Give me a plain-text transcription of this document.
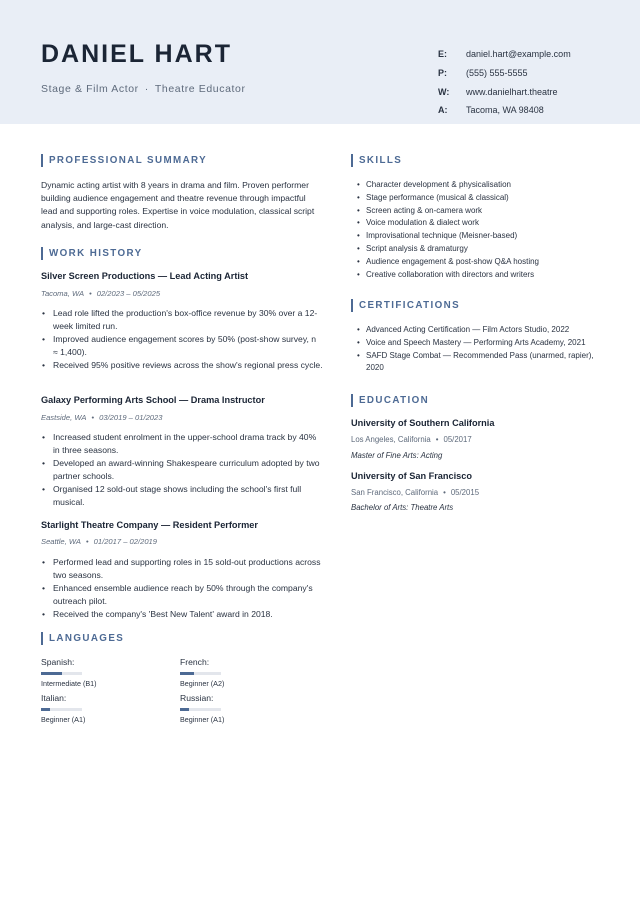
DANIEL HART
Stage & Film Actor · Theatre Educator
E:	daniel.hart@example.com
P:	(555) 555-5555
W:	www.danielhart.theatre
A:	Tacoma, WA 98408
PROFESSIONAL SUMMARY
Dynamic acting artist with 8 years in drama and film. Proven performer building audience engagement and theatre revenue through impactful lead and supporting roles. Expertise in voice modulation, classical script analysis, and large-cast direction.
WORK HISTORY
Silver Screen Productions — Lead Acting Artist
Tacoma, WA • 02/2023 – 05/2025
• Lead role lifted the production's box-office revenue by 30% over a 12-week limited run.
• Improved audience engagement scores by 50% (post-show survey, n ≈ 1,400).
• Received 95% positive reviews across the show's regional press cycle.
Galaxy Performing Arts School — Drama Instructor
Eastside, WA • 03/2019 – 01/2023
• Increased student enrolment in the upper-school drama track by 40% in three seasons.
• Developed an award-winning Shakespeare curriculum adopted by two partner schools.
• Organised 12 sold-out stage shows including the school's first full musical.
Starlight Theatre Company — Resident Performer
Seattle, WA • 01/2017 – 02/2019
• Performed lead and supporting roles in 15 sold-out productions across two seasons.
• Enhanced ensemble audience reach by 50% through the company's outreach pilot.
• Received the company's 'Best New Talent' award in 2018.
LANGUAGES
Spanish:
Intermediate (B1)
French:
Beginner (A2)
Italian:
Beginner (A1)
Russian:
Beginner (A1)
SKILLS
• Character development & physicalisation
• Stage performance (musical & classical)
• Screen acting & on-camera work
• Voice modulation & dialect work
• Improvisational technique (Meisner-based)
• Script analysis & dramaturgy
• Audience engagement & post-show Q&A hosting
• Creative collaboration with directors and writers
CERTIFICATIONS
• Advanced Acting Certification — Film Actors Studio, 2022
• Voice and Speech Mastery — Performing Arts Academy, 2021
• SAFD Stage Combat — Recommended Pass (unarmed, rapier), 2020
EDUCATION
University of Southern California
Los Angeles, California • 05/2017
Master of Fine Arts: Acting
University of San Francisco
San Francisco, California • 05/2015
Bachelor of Arts: Theatre Arts
